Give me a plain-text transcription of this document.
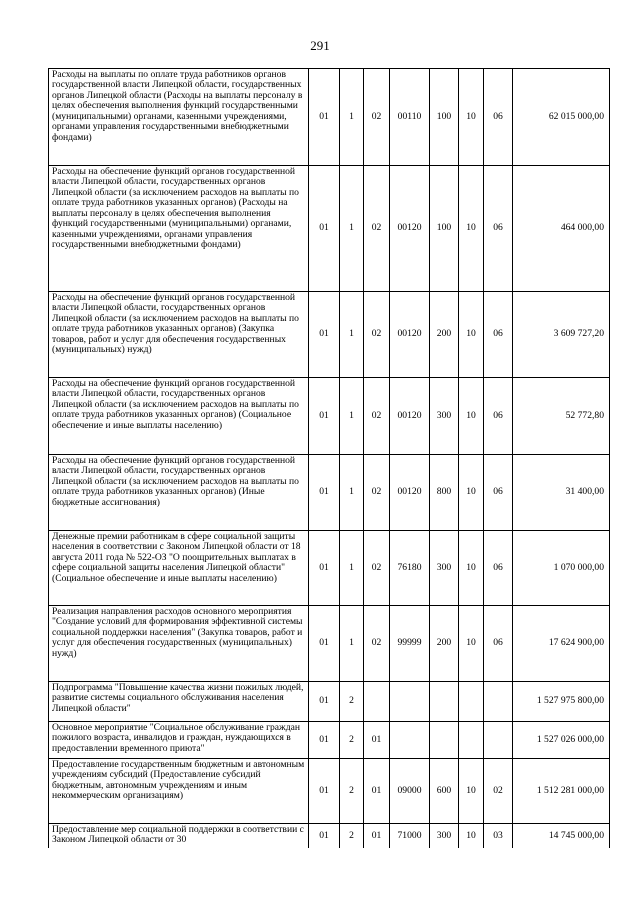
291
Расходы на выплаты по оплате труда работников органов государственной власти Липецкой области, государственных органов Липецкой области (Расходы на выплаты персоналу в целях обеспечения выполнения функций государственными (муниципальными) органами, казенными учреждениями, органами управления государственными внебюджетными фондами)	01	1	02	00110	100	10	06	62 015 000,00
Расходы на обеспечение функций органов государственной власти Липецкой области, государственных органов Липецкой области (за исключением расходов на выплаты по оплате труда работников указанных органов) (Расходы на выплаты персоналу в целях обеспечения выполнения функций государственными (муниципальными) органами, казенными учреждениями, органами управления государственными внебюджетными фондами)	01	1	02	00120	100	10	06	464 000,00
Расходы на обеспечение функций органов государственной власти Липецкой области, государственных органов Липецкой области (за исключением расходов на выплаты по оплате труда работников указанных органов) (Закупка товаров, работ и услуг для обеспечения государственных (муниципальных) нужд)	01	1	02	00120	200	10	06	3 609 727,20
Расходы на обеспечение функций органов государственной власти Липецкой области, государственных органов Липецкой области (за исключением расходов на выплаты по оплате труда работников указанных органов) (Социальное обеспечение и иные выплаты населению)	01	1	02	00120	300	10	06	52 772,80
Расходы на обеспечение функций органов государственной власти Липецкой области, государственных органов Липецкой области (за исключением расходов на выплаты по оплате труда работников указанных органов) (Иные бюджетные ассигнования)	01	1	02	00120	800	10	06	31 400,00
Денежные премии работникам в сфере социальной защиты населения в соответствии с Законом Липецкой области от 18 августа 2011 года № 522-ОЗ "О поощрительных выплатах в сфере социальной защиты населения Липецкой области" (Социальное обеспечение и иные выплаты населению)	01	1	02	76180	300	10	06	1 070 000,00
Реализация направления расходов основного мероприятия "Создание условий для формирования эффективной системы социальной поддержки населения" (Закупка товаров, работ и услуг для обеспечения государственных (муниципальных) нужд)	01	1	02	99999	200	10	06	17 624 900,00
Подпрограмма "Повышение качества жизни пожилых людей, развитие системы социального обслуживания населения Липецкой области"	01	2						1 527 975 800,00
Основное мероприятие "Социальное обслуживание граждан пожилого возраста, инвалидов и граждан, нуждающихся в предоставлении временного приюта"	01	2	01					1 527 026 000,00
Предоставление государственным бюджетным и автономным учреждениям субсидий (Предоставление субсидий бюджетным, автономным учреждениям и иным некоммерческим организациям)	01	2	01	09000	600	10	02	1 512 281 000,00
Предоставление мер социальной поддержки в соответствии с Законом Липецкой области от 30	01	2	01	71000	300	10	03	14 745 000,00
